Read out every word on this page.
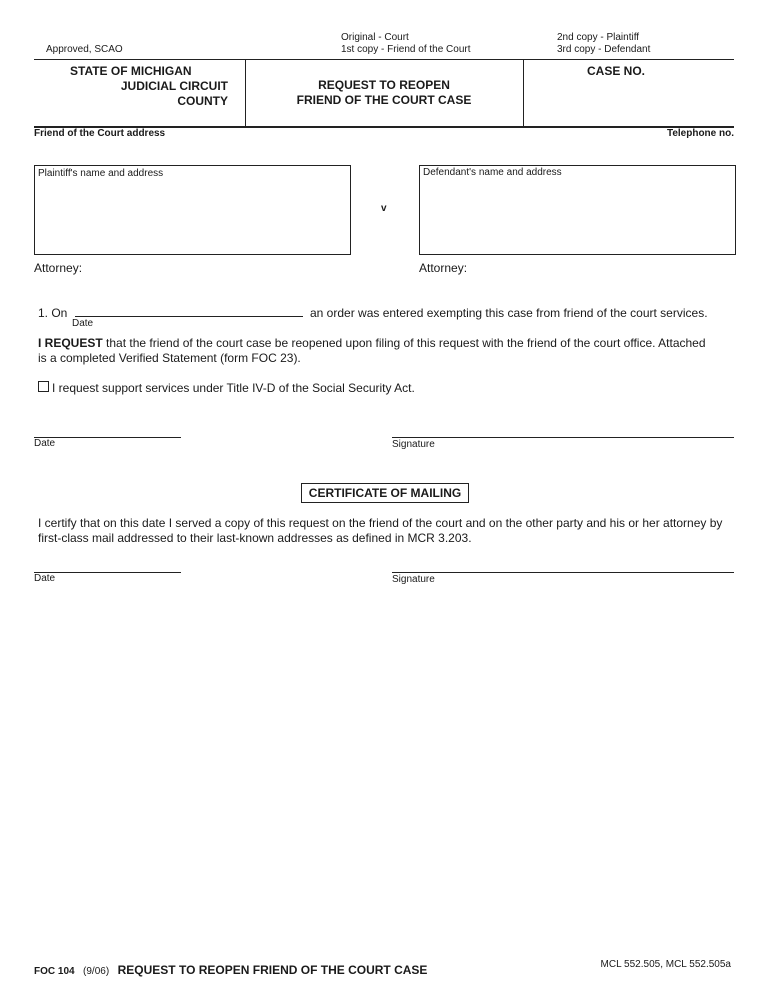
Approved, SCAO
Original - Court
1st copy - Friend of the Court
2nd copy - Plaintiff
3rd copy - Defendant
STATE OF MICHIGAN
JUDICIAL CIRCUIT
COUNTY
REQUEST TO REOPEN
FRIEND OF THE COURT CASE
CASE NO.
Friend of the Court address	Telephone no.
Plaintiff's name and address
v
Defendant's name and address
Attorney:	Attorney:
1. On
Date
an order was entered exempting this case from friend of the court services.
I REQUEST that the friend of the court case be reopened upon filing of this request with the friend of the court office. Attached
is a completed Verified Statement (form FOC 23).
I request support services under Title IV-D of the Social Security Act.
Date	Signature
CERTIFICATE OF MAILING
I certify that on this date I served a copy of this request on the friend of the court and on the other party and his or her attorney by
first-class mail addressed to their last-known addresses as defined in MCR 3.203.
Date	Signature
FOC 104 (9/06) REQUEST TO REOPEN FRIEND OF THE COURT CASE	MCL 552.505, MCL 552.505a
